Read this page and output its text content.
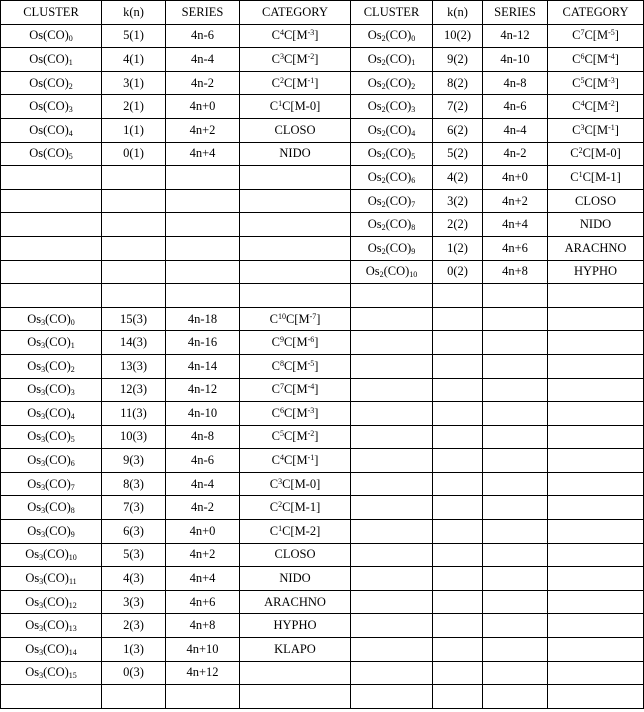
CLUSTER	k(n)	SERIES	CATEGORY	CLUSTER	k(n)	SERIES	CATEGORY
$Os(CO)_0$	5(1)	4n-6	$C^4C[M^{-3}]$	$Os_2(CO)_0$	10(2)	4n-12	$C^7C[M^{-5}]$
$Os(CO)_1$	4(1)	4n-4	$C^3C[M^{-2}]$	$Os_2(CO)_1$	9(2)	4n-10	$C^6C[M^{-4}]$
$Os(CO)_2$	3(1)	4n-2	$C^2C[M^{-1}]$	$Os_2(CO)_2$	8(2)	4n-8	$C^5C[M^{-3}]$
$Os(CO)_3$	2(1)	4n+0	$C^1C[M-0]$	$Os_2(CO)_3$	7(2)	4n-6	$C^4C[M^{-2}]$
$Os(CO)_4$	1(1)	4n+2	CLOSO	$Os_2(CO)_4$	6(2)	4n-4	$C^3C[M^{-1}]$
$Os(CO)_5$	0(1)	4n+4	NIDO	$Os_2(CO)_5$	5(2)	4n-2	$C^2C[M-0]$
				$Os_2(CO)_6$	4(2)	4n+0	$C^1C[M-1]$
				$Os_2(CO)_7$	3(2)	4n+2	CLOSO
				$Os_2(CO)_8$	2(2)	4n+4	NIDO
				$Os_2(CO)_9$	1(2)	4n+6	ARACHNO
				$Os_2(CO)_{10}$	0(2)	4n+8	HYPHO

$Os_3(CO)_0$	15(3)	4n-18	$C^{10}C[M^{-7}]$				
$Os_3(CO)_1$	14(3)	4n-16	$C^9C[M^{-6}]$				
$Os_3(CO)_2$	13(3)	4n-14	$C^8C[M^{-5}]$				
$Os_3(CO)_3$	12(3)	4n-12	$C^7C[M^{-4}]$				
$Os_3(CO)_4$	11(3)	4n-10	$C^6C[M^{-3}]$				
$Os_3(CO)_5$	10(3)	4n-8	$C^5C[M^{-2}]$				
$Os_3(CO)_6$	9(3)	4n-6	$C^4C[M^{-1}]$				
$Os_3(CO)_7$	8(3)	4n-4	$C^3C[M-0]$				
$Os_3(CO)_8$	7(3)	4n-2	$C^2C[M-1]$				
$Os_3(CO)_9$	6(3)	4n+0	$C^1C[M-2]$				
$Os_3(CO)_{10}$	5(3)	4n+2	CLOSO				
$Os_3(CO)_{11}$	4(3)	4n+4	NIDO				
$Os_3(CO)_{12}$	3(3)	4n+6	ARACHNO				
$Os_3(CO)_{13}$	2(3)	4n+8	HYPHO				
$Os_3(CO)_{14}$	1(3)	4n+10	KLAPO				
$Os_3(CO)_{15}$	0(3)	4n+12					
